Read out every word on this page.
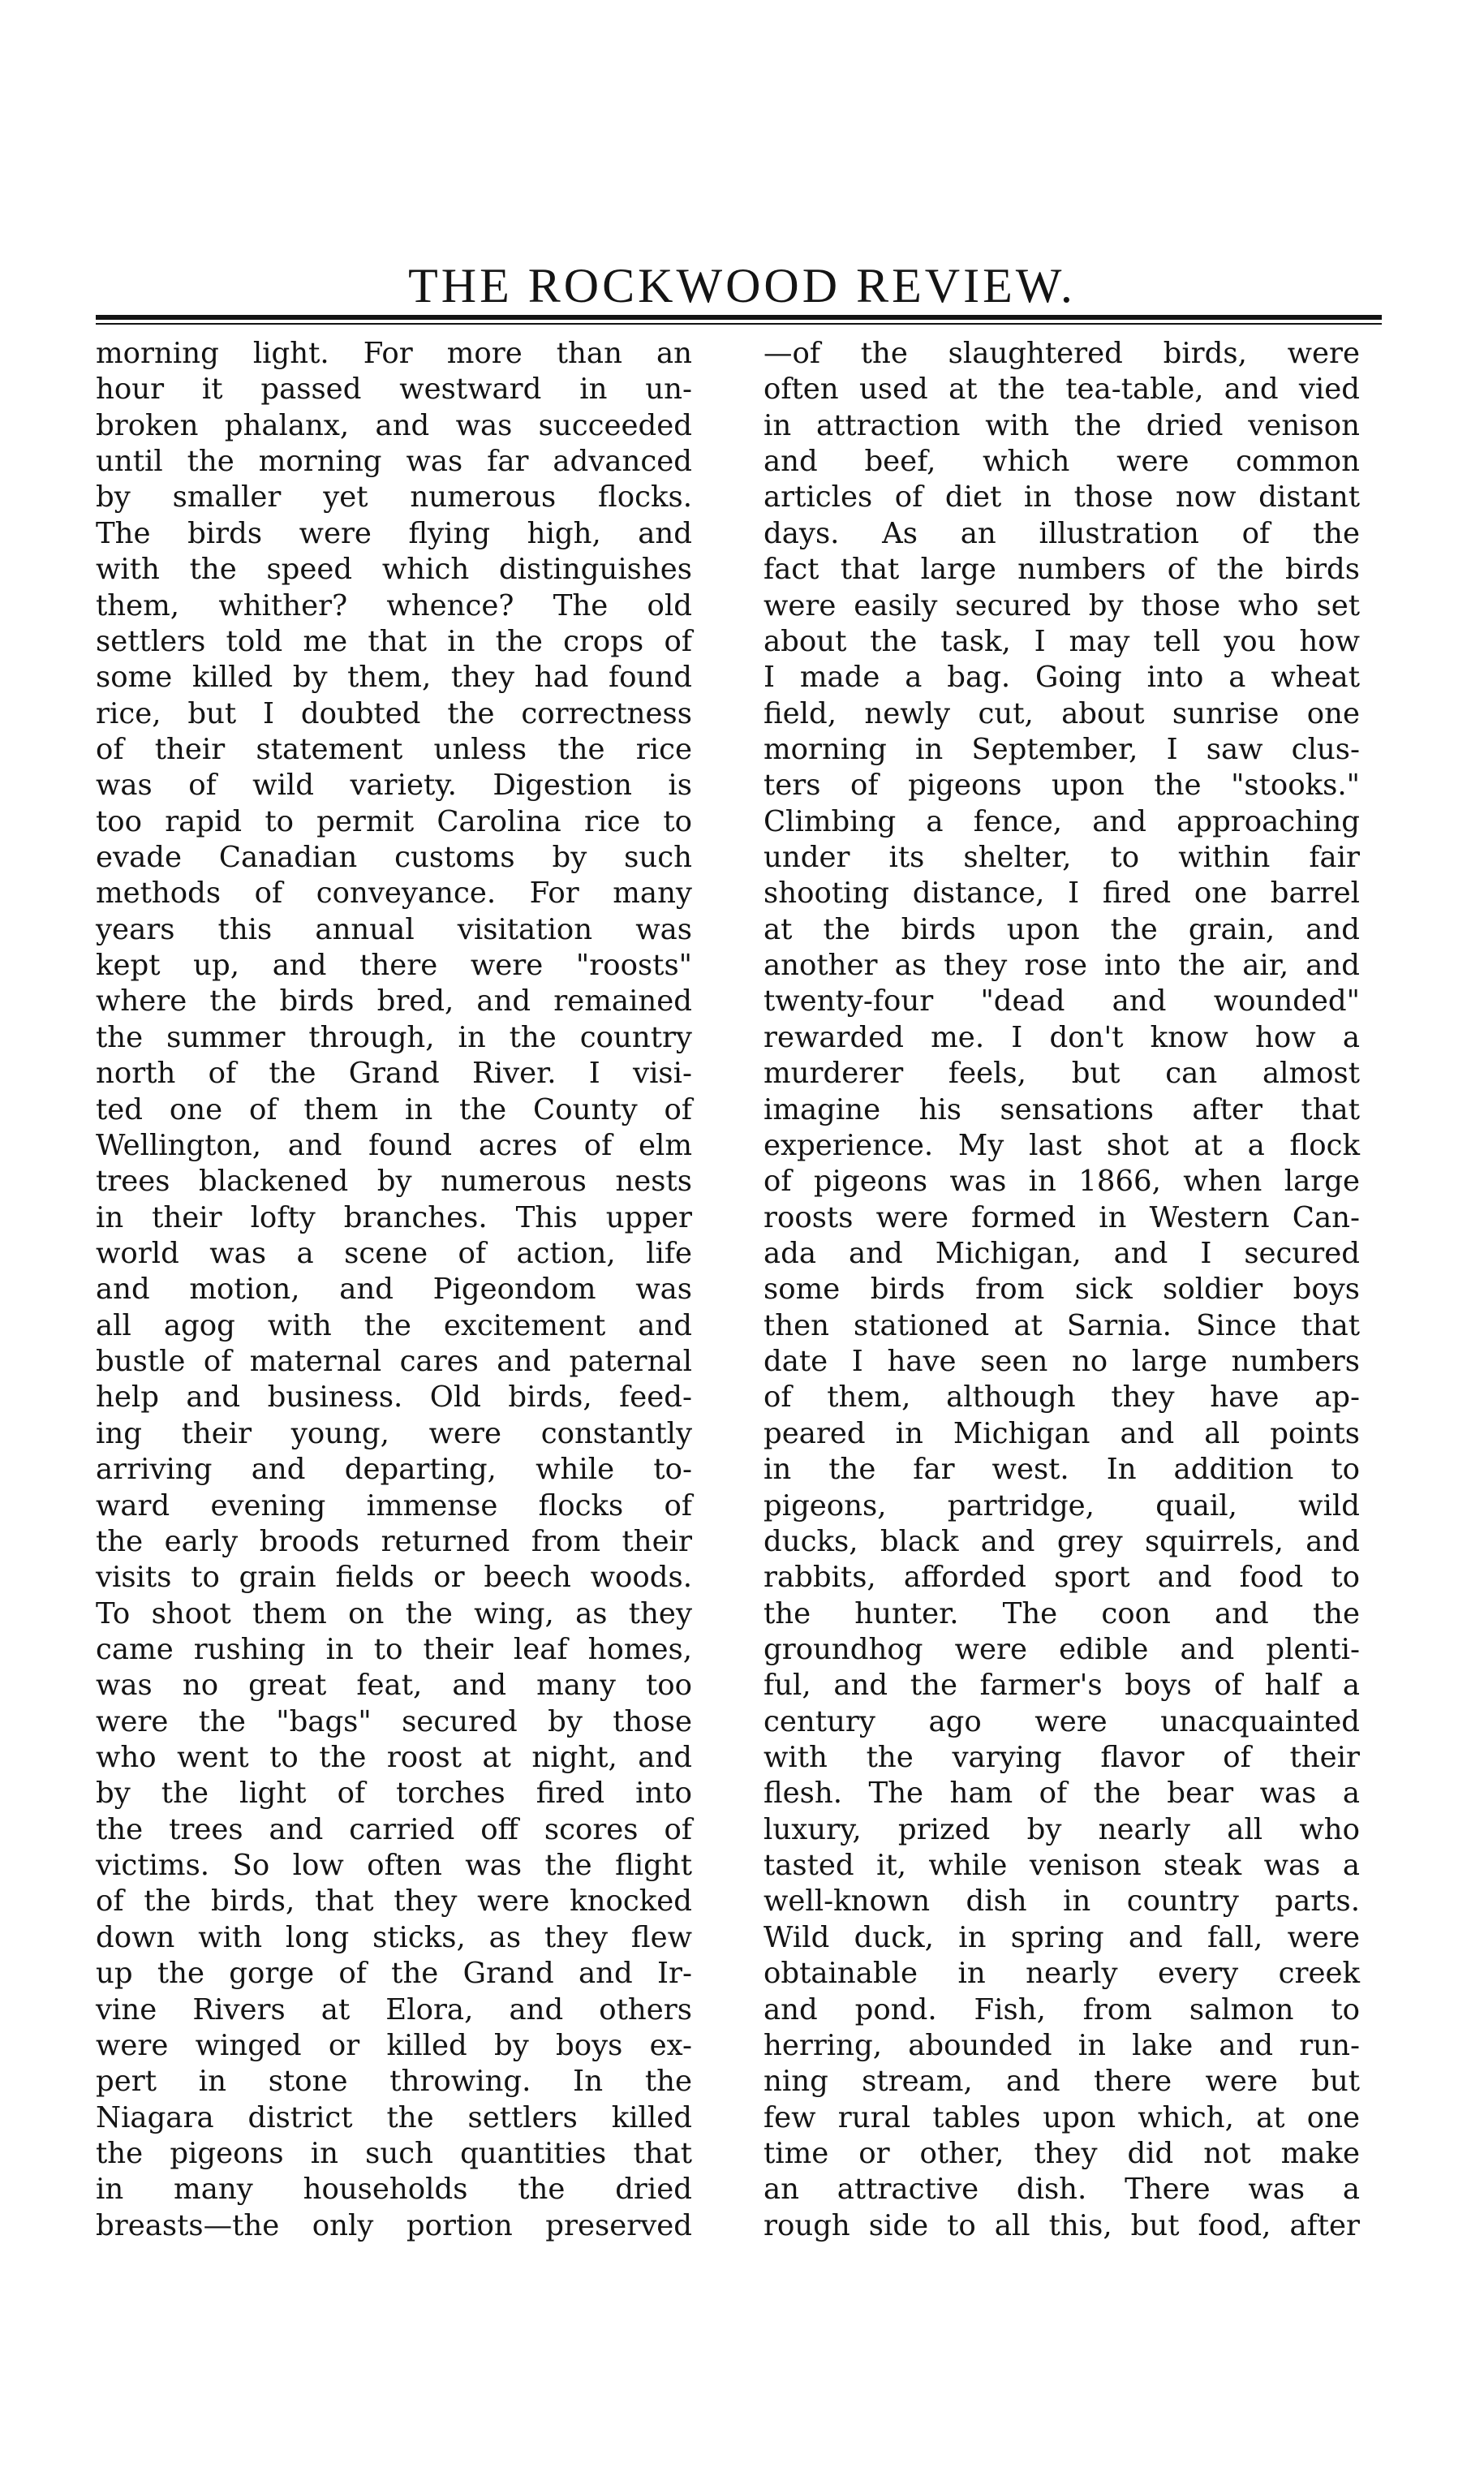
THE ROCKWOOD REVIEW.
morning light. For more than an
hour it passed westward in un-
broken phalanx, and was succeeded
until the morning was far advanced
by smaller yet numerous flocks.
The birds were flying high, and
with the speed which distinguishes
them, whither? whence? The old
settlers told me that in the crops of
some killed by them, they had found
rice, but I doubted the correctness
of their statement unless the rice
was of wild variety. Digestion is
too rapid to permit Carolina rice to
evade Canadian customs by such
methods of conveyance. For many
years this annual visitation was
kept up, and there were "roosts"
where the birds bred, and remained
the summer through, in the country
north of the Grand River. I visi-
ted one of them in the County of
Wellington, and found acres of elm
trees blackened by numerous nests
in their lofty branches. This upper
world was a scene of action, life
and motion, and Pigeondom was
all agog with the excitement and
bustle of maternal cares and paternal
help and business. Old birds, feed-
ing their young, were constantly
arriving and departing, while to-
ward evening immense flocks of
the early broods returned from their
visits to grain fields or beech woods.
To shoot them on the wing, as they
came rushing in to their leaf homes,
was no great feat, and many too
were the "bags" secured by those
who went to the roost at night, and
by the light of torches fired into
the trees and carried off scores of
victims. So low often was the flight
of the birds, that they were knocked
down with long sticks, as they flew
up the gorge of the Grand and Ir-
vine Rivers at Elora, and others
were winged or killed by boys ex-
pert in stone throwing. In the
Niagara district the settlers killed
the pigeons in such quantities that
in many households the dried
breasts—the only portion preserved
—of the slaughtered birds, were
often used at the tea-table, and vied
in attraction with the dried venison
and beef, which were common
articles of diet in those now distant
days. As an illustration of the
fact that large numbers of the birds
were easily secured by those who set
about the task, I may tell you how
I made a bag. Going into a wheat
field, newly cut, about sunrise one
morning in September, I saw clus-
ters of pigeons upon the "stooks."
Climbing a fence, and approaching
under its shelter, to within fair
shooting distance, I fired one barrel
at the birds upon the grain, and
another as they rose into the air, and
twenty-four "dead and wounded"
rewarded me. I don't know how a
murderer feels, but can almost
imagine his sensations after that
experience. My last shot at a flock
of pigeons was in 1866, when large
roosts were formed in Western Can-
ada and Michigan, and I secured
some birds from sick soldier boys
then stationed at Sarnia. Since that
date I have seen no large numbers
of them, although they have ap-
peared in Michigan and all points
in the far west. In addition to
pigeons, partridge, quail, wild
ducks, black and grey squirrels, and
rabbits, afforded sport and food to
the hunter. The coon and the
groundhog were edible and plenti-
ful, and the farmer's boys of half a
century ago were unacquainted
with the varying flavor of their
flesh. The ham of the bear was a
luxury, prized by nearly all who
tasted it, while venison steak was a
well-known dish in country parts.
Wild duck, in spring and fall, were
obtainable in nearly every creek
and pond. Fish, from salmon to
herring, abounded in lake and run-
ning stream, and there were but
few rural tables upon which, at one
time or other, they did not make
an attractive dish. There was a
rough side to all this, but food, after
